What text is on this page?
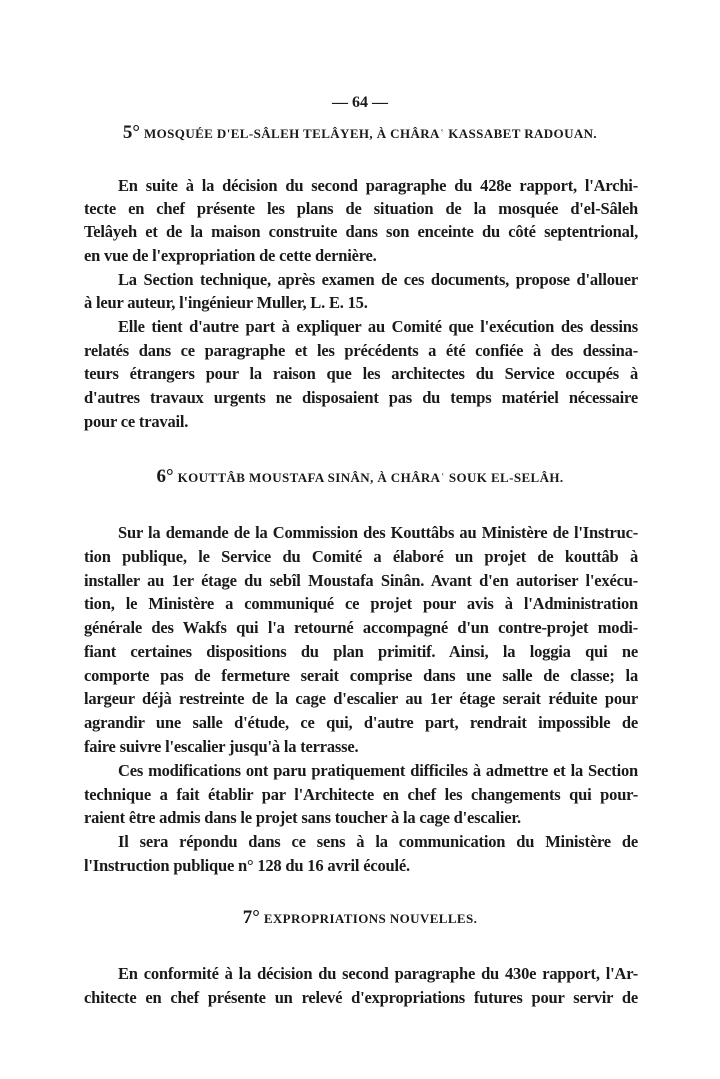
— 64 —
5° MOSQUÉE D'EL-SÂLEH TELÂYEH, À CHÂRAʿ KASSABET RADOUAN.
En suite à la décision du second paragraphe du 428e rapport, l'Archi-
tecte en chef présente les plans de situation de la mosquée d'el-Sâleh
Telâyeh et de la maison construite dans son enceinte du côté septentrional,
en vue de l'expropriation de cette dernière.
La Section technique, après examen de ces documents, propose d'allouer
à leur auteur, l'ingénieur Muller, L. E. 15.
Elle tient d'autre part à expliquer au Comité que l'exécution des dessins
relatés dans ce paragraphe et les précédents a été confiée à des dessina-
teurs étrangers pour la raison que les architectes du Service occupés à
d'autres travaux urgents ne disposaient pas du temps matériel nécessaire
pour ce travail.
6° KOUTTÂB MOUSTAFA SINÂN, À CHÂRAʿ SOUK EL-SELÂH.
Sur la demande de la Commission des Kouttâbs au Ministère de l'Instruc-
tion publique, le Service du Comité a élaboré un projet de kouttâb à
installer au 1er étage du sebîl Moustafa Sinân. Avant d'en autoriser l'exécu-
tion, le Ministère a communiqué ce projet pour avis à l'Administration
générale des Wakfs qui l'a retourné accompagné d'un contre-projet modi-
fiant certaines dispositions du plan primitif. Ainsi, la loggia qui ne
comporte pas de fermeture serait comprise dans une salle de classe; la
largeur déjà restreinte de la cage d'escalier au 1er étage serait réduite pour
agrandir une salle d'étude, ce qui, d'autre part, rendrait impossible de
faire suivre l'escalier jusqu'à la terrasse.
Ces modifications ont paru pratiquement difficiles à admettre et la Section
technique a fait établir par l'Architecte en chef les changements qui pour-
raient être admis dans le projet sans toucher à la cage d'escalier.
Il sera répondu dans ce sens à la communication du Ministère de
l'Instruction publique n° 128 du 16 avril écoulé.
7° EXPROPRIATIONS NOUVELLES.
En conformité à la décision du second paragraphe du 430e rapport, l'Ar-
chitecte en chef présente un relevé d'expropriations futures pour servir de
